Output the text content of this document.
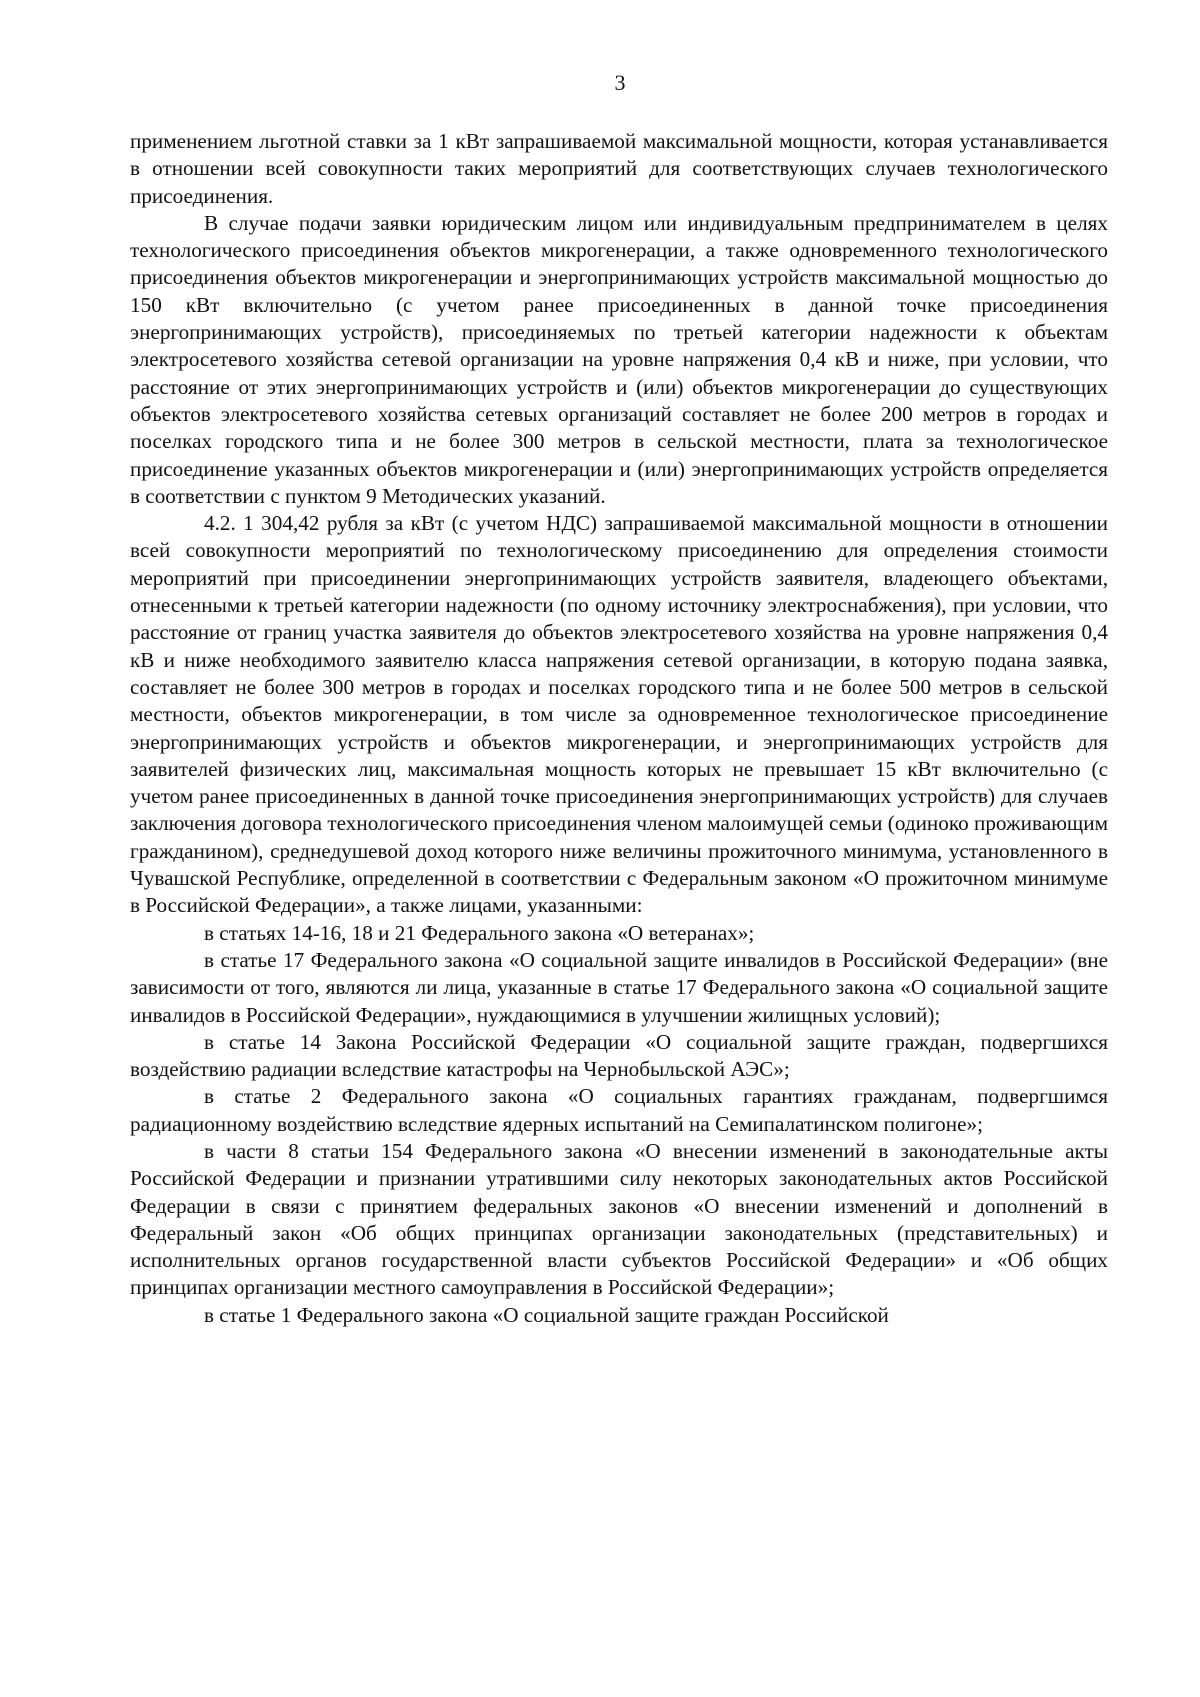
3

применением льготной ставки за 1 кВт запрашиваемой максимальной мощности, которая устанавливается в отношении всей совокупности таких мероприятий для соответствующих случаев технологического присоединения.

В случае подачи заявки юридическим лицом или индивидуальным предпринимателем в целях технологического присоединения объектов микрогенерации, а также одновременного технологического присоединения объектов микрогенерации и энергопринимающих устройств максимальной мощностью до 150 кВт включительно (с учетом ранее присоединенных в данной точке присоединения энергопринимающих устройств), присоединяемых по третьей категории надежности к объектам электросетевого хозяйства сетевой организации на уровне напряжения 0,4 кВ и ниже, при условии, что расстояние от этих энергопринимающих устройств и (или) объектов микрогенерации до существующих объектов электросетевого хозяйства сетевых организаций составляет не более 200 метров в городах и поселках городского типа и не более 300 метров в сельской местности, плата за технологическое присоединение указанных объектов микрогенерации и (или) энергопринимающих устройств определяется в соответствии с пунктом 9 Методических указаний.

4.2. 1 304,42 рубля за кВт (с учетом НДС) запрашиваемой максимальной мощности в отношении всей совокупности мероприятий по технологическому присоединению для определения стоимости мероприятий при присоединении энергопринимающих устройств заявителя, владеющего объектами, отнесенными к третьей категории надежности (по одному источнику электроснабжения), при условии, что расстояние от границ участка заявителя до объектов электросетевого хозяйства на уровне напряжения 0,4 кВ и ниже необходимого заявителю класса напряжения сетевой организации, в которую подана заявка, составляет не более 300 метров в городах и поселках городского типа и не более 500 метров в сельской местности, объектов микрогенерации, в том числе за одновременное технологическое присоединение энергопринимающих устройств и объектов микрогенерации, и энергопринимающих устройств для заявителей физических лиц, максимальная мощность которых не превышает 15 кВт включительно (с учетом ранее присоединенных в данной точке присоединения энергопринимающих устройств) для случаев заключения договора технологического присоединения членом малоимущей семьи (одиноко проживающим гражданином), среднедушевой доход которого ниже величины прожиточного минимума, установленного в Чувашской Республике, определенной в соответствии с Федеральным законом «О прожиточном минимуме в Российской Федерации», а также лицами, указанными:

в статьях 14-16, 18 и 21 Федерального закона «О ветеранах»;

в статье 17 Федерального закона «О социальной защите инвалидов в Российской Федерации» (вне зависимости от того, являются ли лица, указанные в статье 17 Федерального закона «О социальной защите инвалидов в Российской Федерации», нуждающимися в улучшении жилищных условий);

в статье 14 Закона Российской Федерации «О социальной защите граждан, подвергшихся воздействию радиации вследствие катастрофы на Чернобыльской АЭС»;

в статье 2 Федерального закона «О социальных гарантиях гражданам, подвергшимся радиационному воздействию вследствие ядерных испытаний на Семипалатинском полигоне»;

в части 8 статьи 154 Федерального закона «О внесении изменений в законодательные акты Российской Федерации и признании утратившими силу некоторых законодательных актов Российской Федерации в связи с принятием федеральных законов «О внесении изменений и дополнений в Федеральный закон «Об общих принципах организации законодательных (представительных) и исполнительных органов государственной власти субъектов Российской Федерации» и «Об общих принципах организации местного самоуправления в Российской Федерации»;

в статье 1 Федерального закона «О социальной защите граждан Российской
